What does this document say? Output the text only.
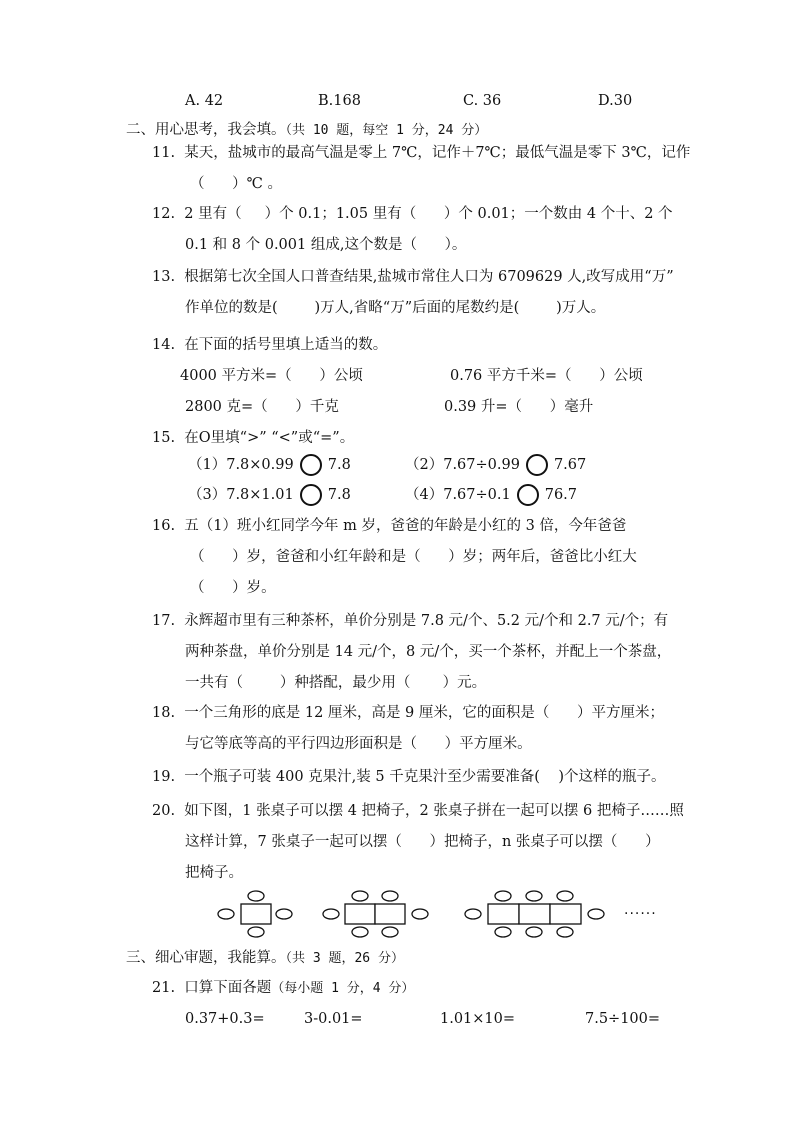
A. 42	B.168	C. 36	D.30
二、用心思考，我会填。（共 10 题，每空 1 分，24 分）
11.  某天，盐城市的最高气温是零上 7℃，记作＋7℃；最低气温是零下 3℃，记作
（      ）℃ 。
12.  2 里有（     ）个 0.1；1.05 里有（      ）个 0.01；一个数由 4 个十、2 个
0.1 和 8 个 0.001 组成,这个数是（      ）。
13.  根据第七次全国人口普查结果,盐城市常住人口为 6709629 人,改写成用“万”
作单位的数是(        )万人,省略“万”后面的尾数约是(        )万人。
14.  在下面的括号里填上适当的数。
4000 平方米=（      ）公顷	0.76 平方千米=（      ）公顷
2800 克=（      ）千克	0.39 升=（      ）毫升
15.  在O里填“>” “<”或“=”。
（1）7.8×0.99 7.8	（2）7.67÷0.99 7.67
（3）7.8×1.01 7.8	（4）7.67÷0.1 76.7
16.  五（1）班小红同学今年 m 岁，爸爸的年龄是小红的 3 倍，今年爸爸
（      ）岁，爸爸和小红年龄和是（      ）岁；两年后，爸爸比小红大
（      ）岁。
17.  永辉超市里有三种茶杯，单价分别是 7.8 元/个、5.2 元/个和 2.7 元/个；有
两种茶盘，单价分别是 14 元/个，8 元/个，买一个茶杯，并配上一个茶盘，
一共有（        ）种搭配，最少用（       ）元。
18.  一个三角形的底是 12 厘米，高是 9 厘米，它的面积是（      ）平方厘米；
与它等底等高的平行四边形面积是（      ）平方厘米。
19.  一个瓶子可装 400 克果汁,装 5 千克果汁至少需要准备(    )个这样的瓶子。
20.  如下图，1 张桌子可以摆 4 把椅子，2 张桌子拼在一起可以摆 6 把椅子……照
这样计算，7 张桌子一起可以摆（      ）把椅子，n 张桌子可以摆（      ）
把椅子。
······
三、细心审题，我能算。（共 3 题，26 分）
21.  口算下面各题（每小题 1 分，4 分）
0.37+0.3=	3-0.01=	1.01×10=	7.5÷100=
